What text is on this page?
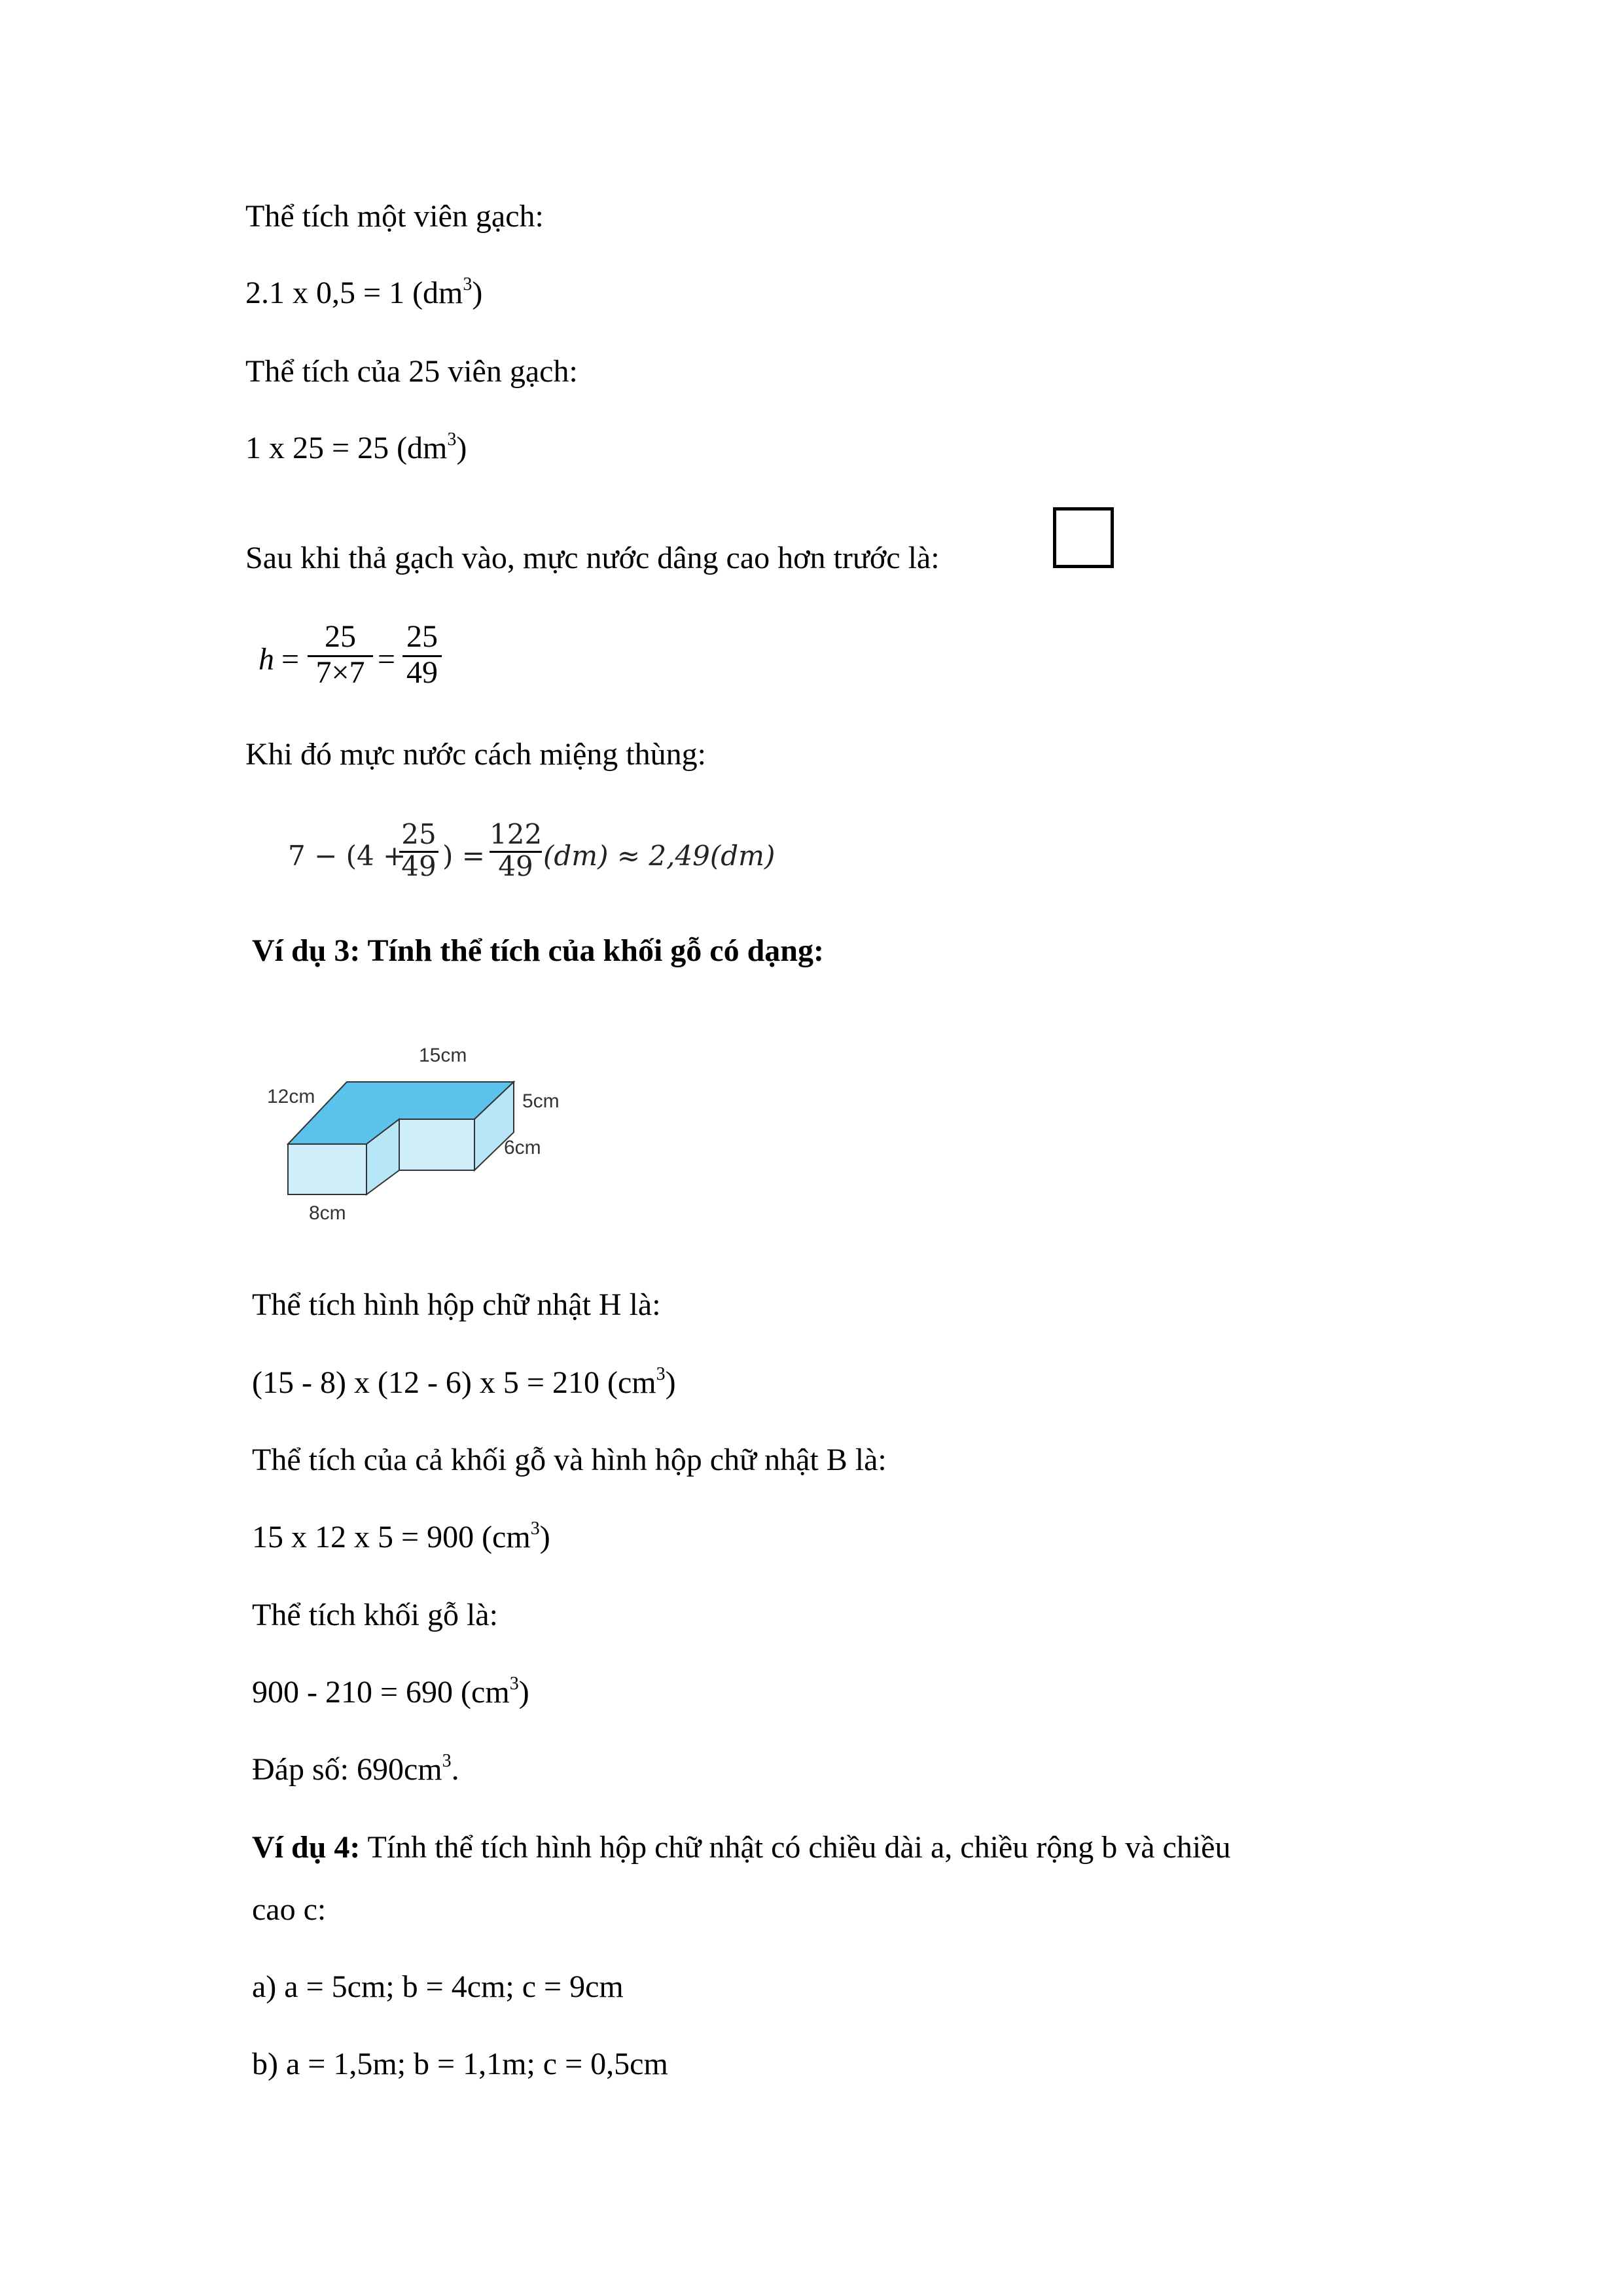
Thể tích một viên gạch:
2.1 x 0,5 = 1 $(dm^3)$
Thể tích của 25 viên gạch:
1 x 25 = 25 $(dm^3)$
Sau khi thả gạch vào, mực nước dâng cao hơn trước là:
h =
25
7×7 =
25
49
Khi đó mực nước cách miệng thùng:
7 − (4 +
25
49 ) =
122
49 (dm) ≈ 2,49(dm)
Ví dụ 3: Tính thể tích của khối gỗ có dạng:
15cm
12cm	5cm
6cm
8cm
Thể tích hình hộp chữ nhật H là:
(15 - 8) x (12 - 6) x 5 = 210 $(cm^3)$
Thể tích của cả khối gỗ và hình hộp chữ nhật B là:
15 x 12 x 5 = 900 $(cm^3)$
Thể tích khối gỗ là:
900 - 210 = 690 $(cm^3)$
Đáp số: $690cm^3$.
Ví dụ 4: Tính thể tích hình hộp chữ nhật có chiều dài a, chiều rộng b và chiều
cao c:
a) a = 5cm; b = 4cm; c = 9cm
b) a = 1,5m; b = 1,1m; c = 0,5cm
